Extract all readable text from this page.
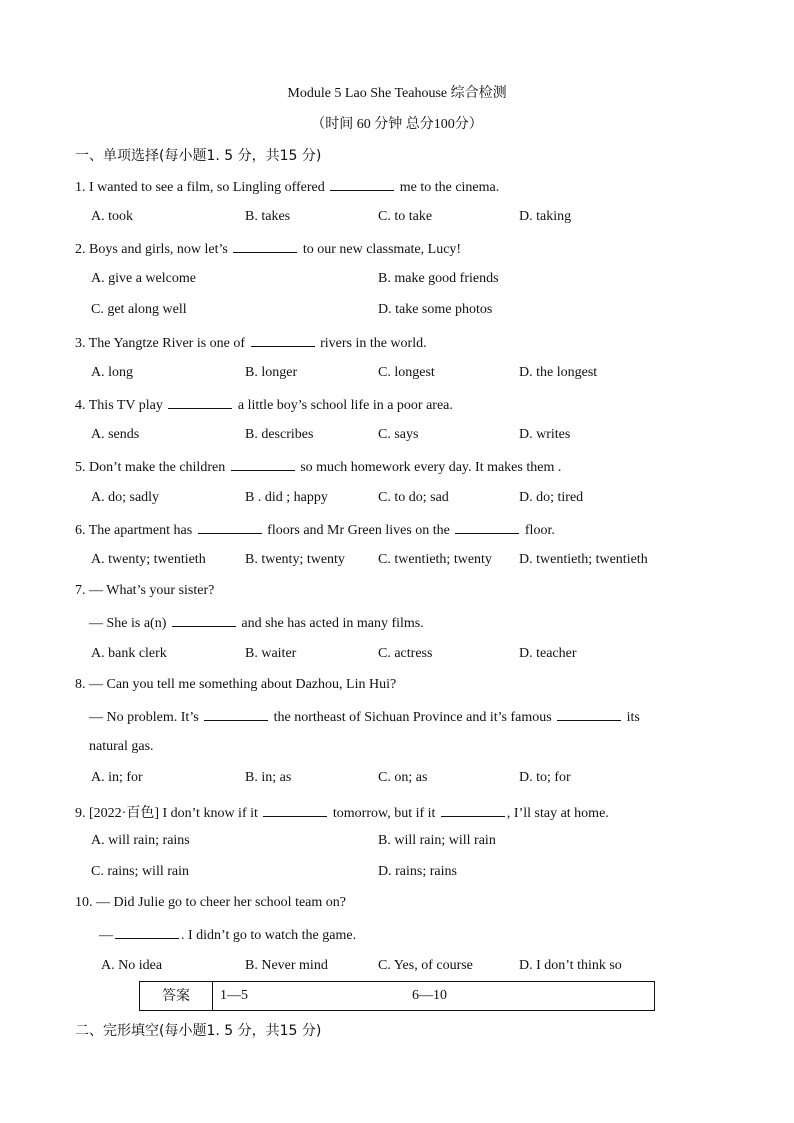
Module 5 Lao She Teahouse 综合检测
（时间 60 分钟 总分100分）
一、单项选择(每小题1. 5 分，共15 分)
1. I wanted to see a film, so Lingling offered	me to the cinema.
A. took	B. takes	C. to take	D. taking
2. Boys and girls, now let’s	to our new classmate, Lucy!
A. give a welcome	B. make good friends
C. get along well	D. take some photos
3. The Yangtze River is one of	rivers in the world.
A. long	B. longer	C. longest	D. the longest
4. This TV play	a little boy’s school life in a poor area.
A. sends	B. describes	C. says	D. writes
5. Don’t make the children	so much homework every day. It makes them .
A. do; sadly	B . did ; happy	C. to do; sad	D. do; tired
6. The apartment has	floors and Mr Green lives on the	floor.
A. twenty; twentieth	B. twenty; twenty C. twentieth; twenty D. twentieth; twentieth
7. — What’s your sister?
— She is a(n)	and she has acted in many films.
A. bank clerk	B. waiter	C. actress	D. teacher
8. — Can you tell me something about Dazhou, Lin Hui?
— No problem. It’s	the northeast of Sichuan Province and it’s famous	its
natural gas.
A. in; for	B. in; as	C. on; as	D. to; for
9. [2022·百色] I don’t know if it	tomorrow, but if it	, I’ll stay at home.
A. will rain; rains	B. will rain; will rain
C. rains; will rain	D. rains; rains
10. — Did Julie go to cheer her school team on?
—	. I didn’t go to watch the game.
A. No idea	B. Never mind	C. Yes, of course	D. I don’t think so
答案	1—5	6—10
二、完形填空(每小题1. 5 分，共15 分)
